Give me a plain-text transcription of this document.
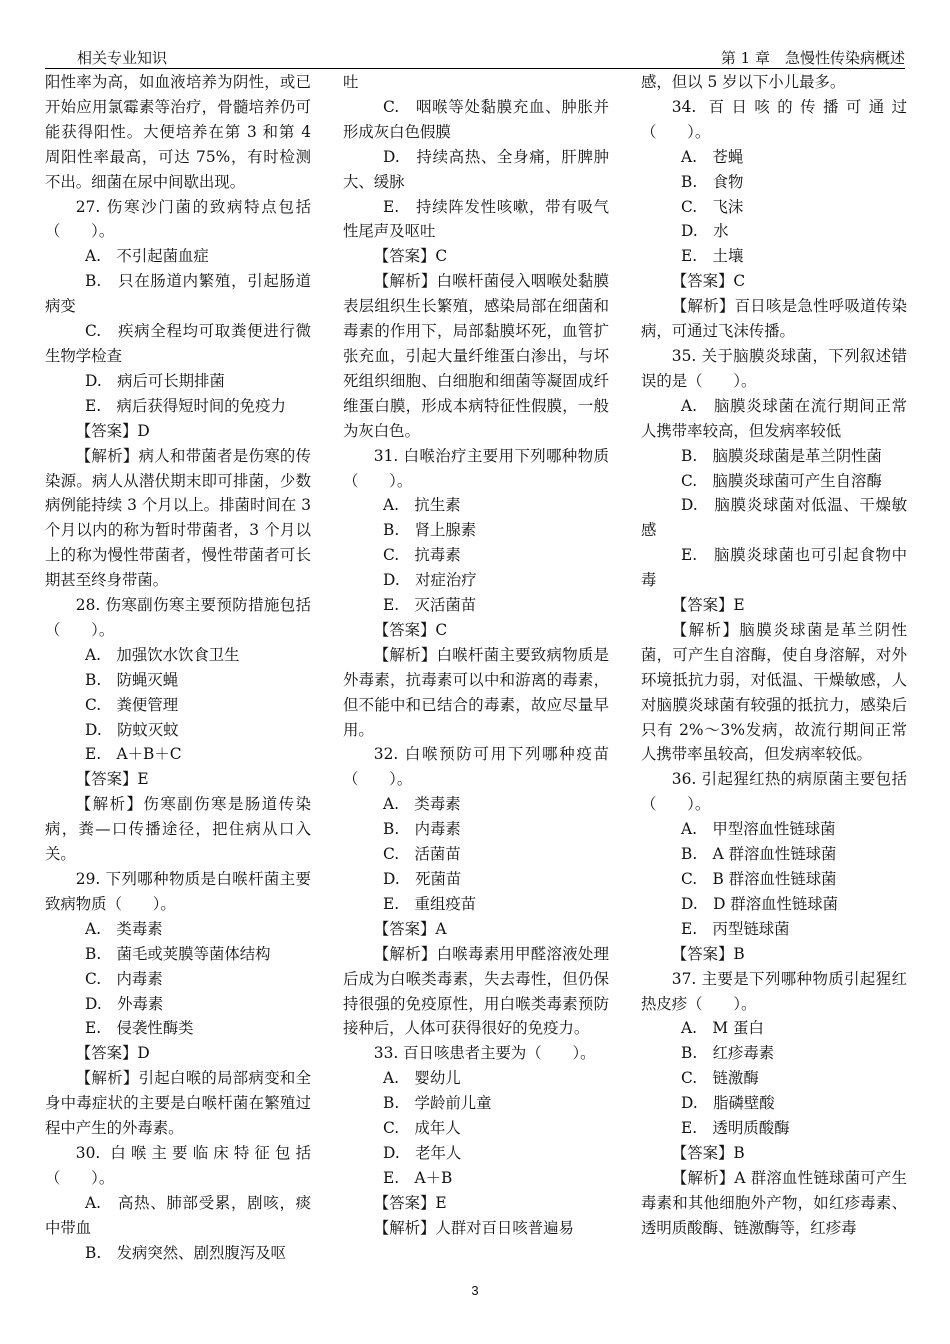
相关专业知识	第 1 章　急慢性传染病概述

阳性率为高，如血液培养为阴性，或已开始应用氯霉素等治疗，骨髓培养仍可能获得阳性。大便培养在第 3 和第 4 周阳性率最高，可达 75%，有时检测不出。细菌在尿中间歇出现。

27. 伤寒沙门菌的致病特点包括（　　）。

A.　不引起菌血症

B.　只在肠道内繁殖，引起肠道病变

C.　疾病全程均可取粪便进行微生物学检查

D.　病后可长期排菌

E.　病后获得短时间的免疫力

【答案】D

【解析】病人和带菌者是伤寒的传染源。病人从潜伏期末即可排菌，少数病例能持续 3 个月以上。排菌时间在 3 个月以内的称为暂时带菌者，3 个月以上的称为慢性带菌者，慢性带菌者可长期甚至终身带菌。

28. 伤寒副伤寒主要预防措施包括（　　）。

A.　加强饮水饮食卫生

B.　防蝇灭蝇

C.　粪便管理

D.　防蚊灭蚊

E.　A＋B＋C

【答案】E

【解析】伤寒副伤寒是肠道传染病，粪—口传播途径，把住病从口入关。

29. 下列哪种物质是白喉杆菌主要致病物质（　　）。

A.　类毒素

B.　菌毛或荚膜等菌体结构

C.　内毒素

D.　外毒素

E.　侵袭性酶类

【答案】D

【解析】引起白喉的局部病变和全身中毒症状的主要是白喉杆菌在繁殖过程中产生的外毒素。

30. 白喉主要临床特征包括（　　）。

A.　高热、肺部受累，剧咳，痰中带血

B.　发病突然、剧烈腹泻及呕

吐

C.　咽喉等处黏膜充血、肿胀并形成灰白色假膜

D.　持续高热、全身痛，肝脾肿大、缓脉

E.　持续阵发性咳嗽，带有吸气性尾声及呕吐

【答案】C

【解析】白喉杆菌侵入咽喉处黏膜表层组织生长繁殖，感染局部在细菌和毒素的作用下，局部黏膜坏死，血管扩张充血，引起大量纤维蛋白渗出，与坏死组织细胞、白细胞和细菌等凝固成纤维蛋白膜，形成本病特征性假膜，一般为灰白色。

31. 白喉治疗主要用下列哪种物质（　　）。

A.　抗生素

B.　肾上腺素

C.　抗毒素

D.　对症治疗

E.　灭活菌苗

【答案】C

【解析】白喉杆菌主要致病物质是外毒素，抗毒素可以中和游离的毒素，但不能中和已结合的毒素，故应尽量早用。

32. 白喉预防可用下列哪种疫苗（　　）。

A.　类毒素

B.　内毒素

C.　活菌苗

D.　死菌苗

E.　重组疫苗

【答案】A

【解析】白喉毒素用甲醛溶液处理后成为白喉类毒素，失去毒性，但仍保持很强的免疫原性，用白喉类毒素预防接种后，人体可获得很好的免疫力。

33. 百日咳患者主要为（　　）。

A.　婴幼儿

B.　学龄前儿童

C.　成年人

D.　老年人

E.　A＋B

【答案】E

【解析】人群对百日咳普遍易

感，但以 5 岁以下小儿最多。

34. 百日咳的传播可通过（　　）。

A.　苍蝇

B.　食物

C.　飞沫

D.　水

E.　土壤

【答案】C

【解析】百日咳是急性呼吸道传染病，可通过飞沫传播。

35. 关于脑膜炎球菌，下列叙述错误的是（　　）。

A.　脑膜炎球菌在流行期间正常人携带率较高，但发病率较低

B.　脑膜炎球菌是革兰阴性菌

C.　脑膜炎球菌可产生自溶酶

D.　脑膜炎球菌对低温、干燥敏感

E.　脑膜炎球菌也可引起食物中毒

【答案】E

【解析】脑膜炎球菌是革兰阴性菌，可产生自溶酶，使自身溶解，对外环境抵抗力弱，对低温、干燥敏感，人对脑膜炎球菌有较强的抵抗力，感染后只有 2%～3%发病，故流行期间正常人携带率虽较高，但发病率较低。

36. 引起猩红热的病原菌主要包括（　　）。

A.　甲型溶血性链球菌

B.　A 群溶血性链球菌

C.　B 群溶血性链球菌

D.　D 群溶血性链球菌

E.　丙型链球菌

【答案】B

37. 主要是下列哪种物质引起猩红热皮疹（　　）。

A.　M 蛋白

B.　红疹毒素

C.　链激酶

D.　脂磷壁酸

E.　透明质酸酶

【答案】B

【解析】A 群溶血性链球菌可产生毒素和其他细胞外产物，如红疹毒素、透明质酸酶、链激酶等，红疹毒

3
